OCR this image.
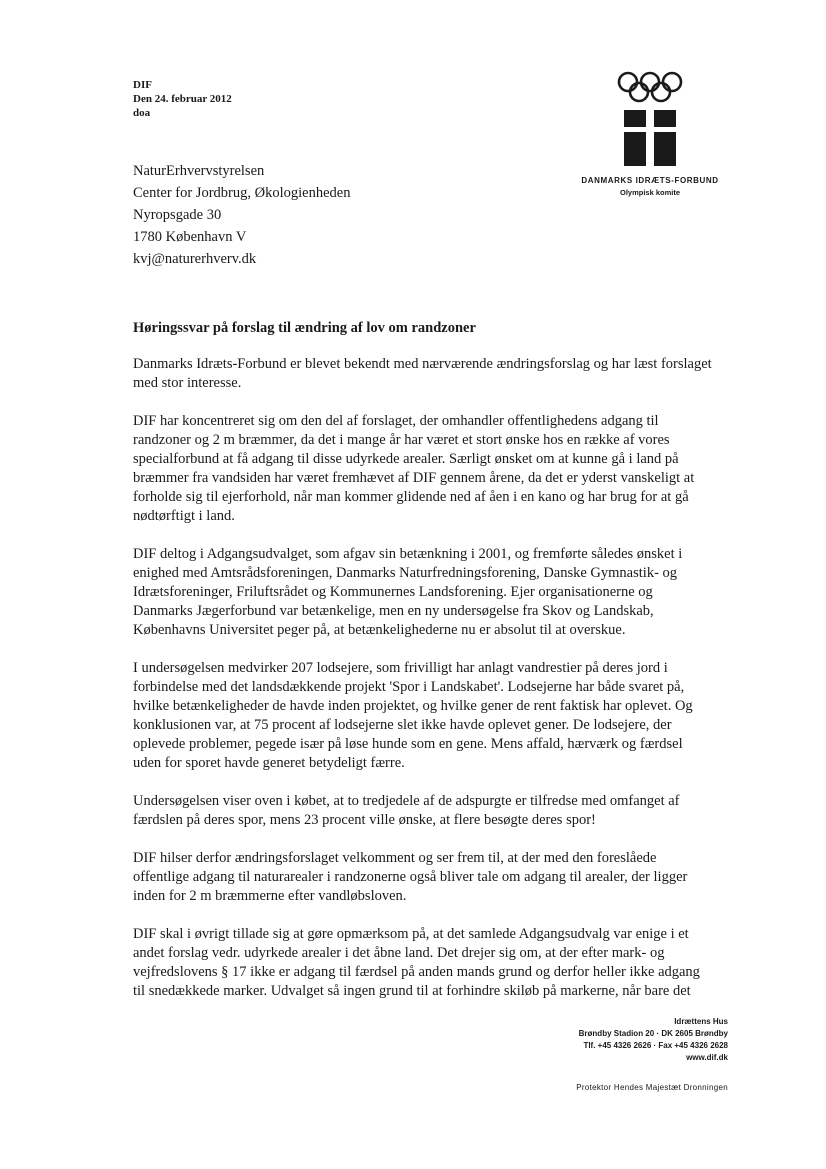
DIF
Den 24. februar 2012
doa
DANMARKS IDRÆTS-FORBUND
Olympisk komite
NaturErhvervstyrelsen
Center for Jordbrug, Økologienheden
Nyropsgade 30
1780 København V
kvj@naturerhverv.dk
Høringssvar på forslag til ændring af lov om randzoner

Danmarks Idræts-Forbund er blevet bekendt med nærværende ændringsforslag og har læst forslaget med stor interesse.

DIF har koncentreret sig om den del af forslaget, der omhandler offentlighedens adgang til randzoner og 2 m bræmmer, da det i mange år har været et stort ønske hos en række af vores specialforbund at få adgang til disse udyrkede arealer. Særligt ønsket om at kunne gå i land på bræmmer fra vandsiden har været fremhævet af DIF gennem årene, da det er yderst vanskeligt at forholde sig til ejerforhold, når man kommer glidende ned af åen i en kano og har brug for at gå nødtørftigt i land.

DIF deltog i Adgangsudvalget, som afgav sin betænkning i 2001, og fremførte således ønsket i enighed med Amtsrådsforeningen, Danmarks Naturfredningsforening, Danske Gymnastik- og Idrætsforeninger, Friluftsrådet og Kommunernes Landsforening. Ejer organisationerne og Danmarks Jægerforbund var betænkelige, men en ny undersøgelse fra Skov og Landskab, Københavns Universitet peger på, at betænkelighederne nu er absolut til at overskue.

I undersøgelsen medvirker 207 lodsejere, som frivilligt har anlagt vandrestier på deres jord i forbindelse med det landsdækkende projekt 'Spor i Landskabet'. Lodsejerne har både svaret på, hvilke betænkeligheder de havde inden projektet, og hvilke gener de rent faktisk har oplevet. Og konklusionen var, at 75 procent af lodsejerne slet ikke havde oplevet gener. De lodsejere, der oplevede problemer, pegede især på løse hunde som en gene. Mens affald, hærværk og færdsel uden for sporet havde generet betydeligt færre.

Undersøgelsen viser oven i købet, at to tredjedele af de adspurgte er tilfredse med omfanget af færdslen på deres spor, mens 23 procent ville ønske, at flere besøgte deres spor!

DIF hilser derfor ændringsforslaget velkomment og ser frem til, at der med den foreslåede offentlige adgang til naturarealer i randzonerne også bliver tale om adgang til arealer, der ligger inden for 2 m bræmmerne efter vandløbsloven.

DIF skal i øvrigt tillade sig at gøre opmærksom på, at det samlede Adgangsudvalg var enige i et andet forslag vedr. udyrkede arealer i det åbne land. Det drejer sig om, at der efter mark- og vejfredslovens § 17 ikke er adgang til færdsel på anden mands grund og derfor heller ikke adgang til snedækkede marker. Udvalget så ingen grund til at forhindre skiløb på markerne, når bare det

Idrættens Hus
Brøndby Stadion 20 · DK 2605 Brøndby
Tlf. +45 4326 2626 · Fax +45 4326 2628
www.dif.dk
Protektor Hendes Majestæt Dronningen
